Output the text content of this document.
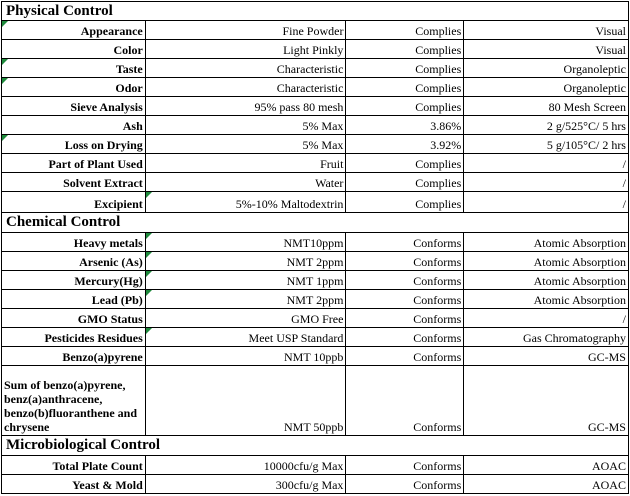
Physical Control
Appearance	Fine Powder	Complies	Visual
Color	Light Pinkly	Complies	Visual
Taste	Characteristic	Complies	Organoleptic
Odor	Characteristic	Complies	Organoleptic
Sieve Analysis	95% pass 80 mesh	Complies	80 Mesh Screen
Ash	5% Max	3.86%	2 g/525°C/ 5 hrs
Loss on Drying	5% Max	3.92%	5 g/105°C/ 2 hrs
Part of Plant Used	Fruit	Complies	/
Solvent Extract	Water	Complies	/
Excipient	5%-10% Maltodextrin	Complies	/
Chemical Control
Heavy metals	NMT10ppm	Conforms	Atomic Absorption
Arsenic (As)	NMT 2ppm	Conforms	Atomic Absorption
Mercury(Hg)	NMT 1ppm	Conforms	Atomic Absorption
Lead (Pb)	NMT 2ppm	Conforms	Atomic Absorption
GMO Status	GMO Free	Conforms	/
Pesticides Residues	Meet USP Standard	Conforms	Gas Chromatography
Benzo(a)pyrene	NMT 10ppb	Conforms	GC-MS
Sum of benzo(a)pyrene, benz(a)anthracene, benzo(b)fluoranthene and chrysene	NMT 50ppb	Conforms	GC-MS
Microbiological Control
Total Plate Count	10000cfu/g Max	Conforms	AOAC
Yeast & Mold	300cfu/g Max	Conforms	AOAC
